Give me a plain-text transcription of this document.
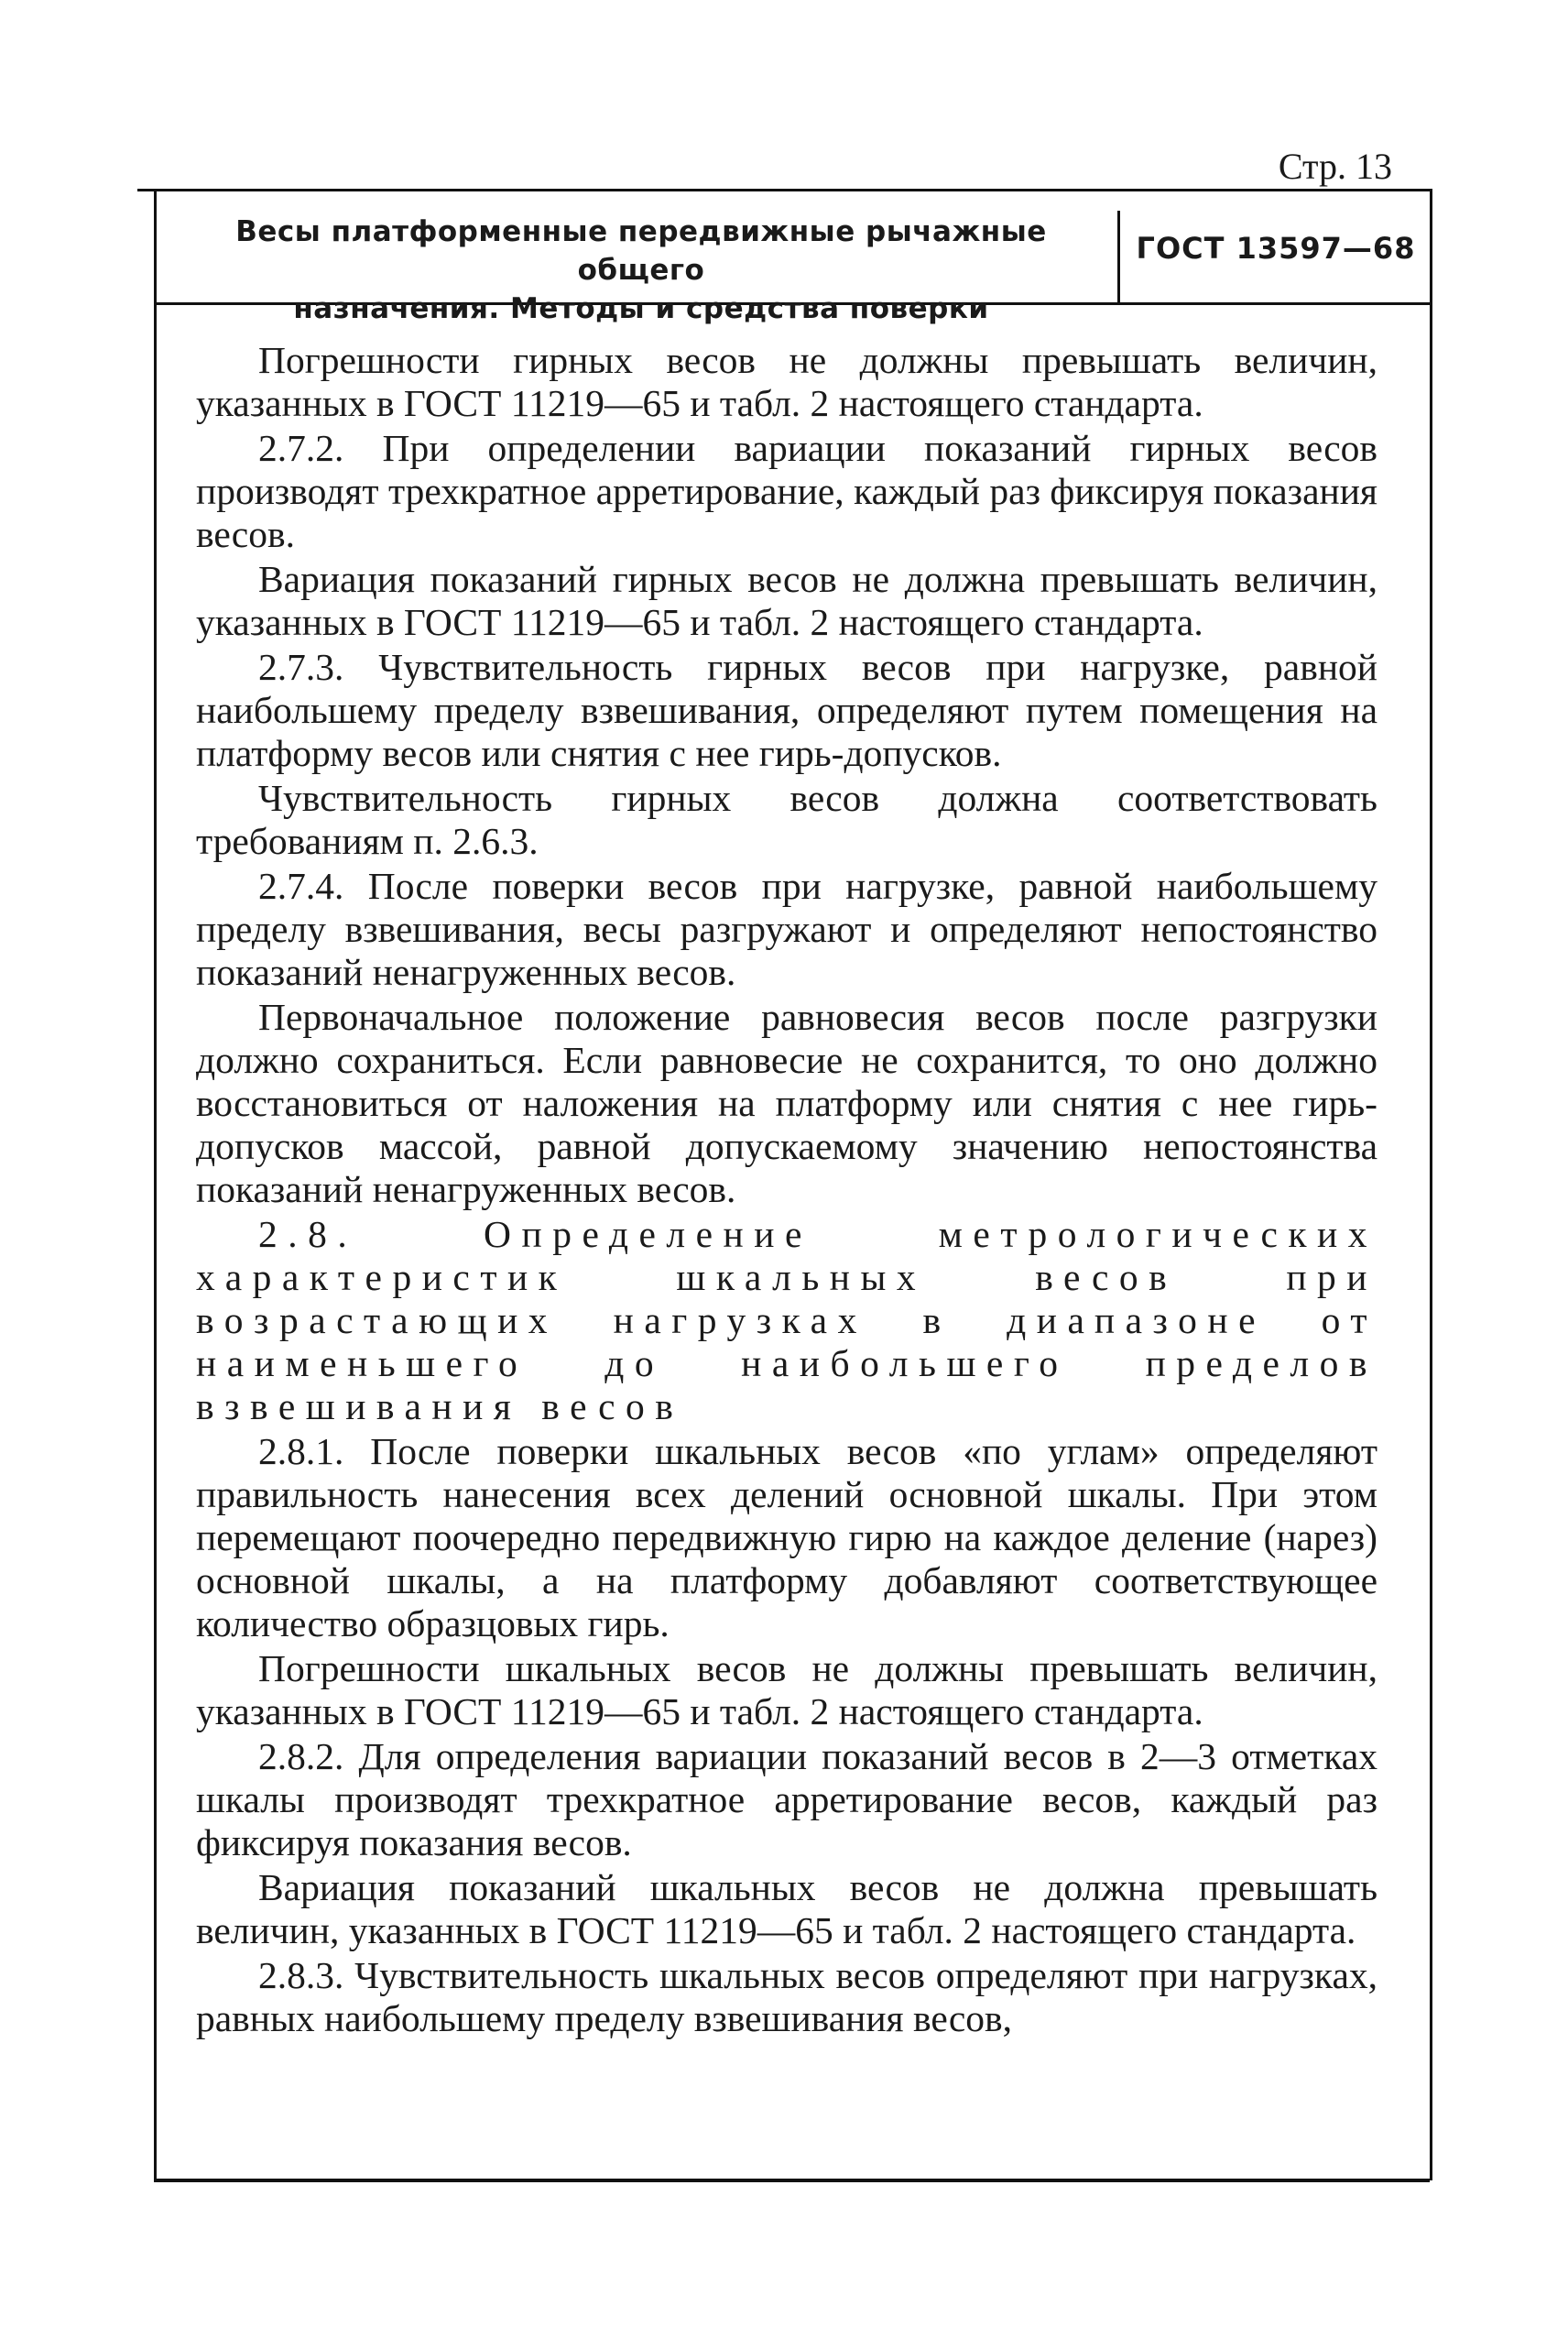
Стр. 13
Весы платформенные передвижные рычажные общего
назначения. Методы и средства поверки
ГОСТ 13597—68

Погрешности гирных весов не должны превышать величин, указанных в ГОСТ 11219—65 и табл. 2 настоящего стандарта.

2.7.2. При определении вариации показаний гирных весов производят трехкратное арретирование, каждый раз фиксируя показания весов.

Вариация показаний гирных весов не должна превышать величин, указанных в ГОСТ 11219—65 и табл. 2 настоящего стандарта.

2.7.3. Чувствительность гирных весов при нагрузке, равной наибольшему пределу взвешивания, определяют путем помещения на платформу весов или снятия с нее гирь-допусков.

Чувствительность гирных весов должна соответствовать требованиям п. 2.6.3.

2.7.4. После поверки весов при нагрузке, равной наибольшему пределу взвешивания, весы разгружают и определяют непостоянство показаний ненагруженных весов.

Первоначальное положение равновесия весов после разгрузки должно сохраниться. Если равновесие не сохранится, то оно должно восстановиться от наложения на платформу или снятия с нее гирь-допусков массой, равной допускаемому значению непостоянства показаний ненагруженных весов.

2.8. Определение метрологических характеристик шкальных весов при возрастающих нагрузках в диапазоне от наименьшего до наибольшего пределов взвешивания весов

2.8.1. После поверки шкальных весов «по углам» определяют правильность нанесения всех делений основной шкалы. При этом перемещают поочередно передвижную гирю на каждое деление (нарез) основной шкалы, а на платформу добавляют соответствующее количество образцовых гирь.

Погрешности шкальных весов не должны превышать величин, указанных в ГОСТ 11219—65 и табл. 2 настоящего стандарта.

2.8.2. Для определения вариации показаний весов в 2—3 отметках шкалы производят трехкратное арретирование весов, каждый раз фиксируя показания весов.

Вариация показаний шкальных весов не должна превышать величин, указанных в ГОСТ 11219—65 и табл. 2 настоящего стандарта.

2.8.3. Чувствительность шкальных весов определяют при нагрузках, равных наибольшему пределу взвешивания весов,
